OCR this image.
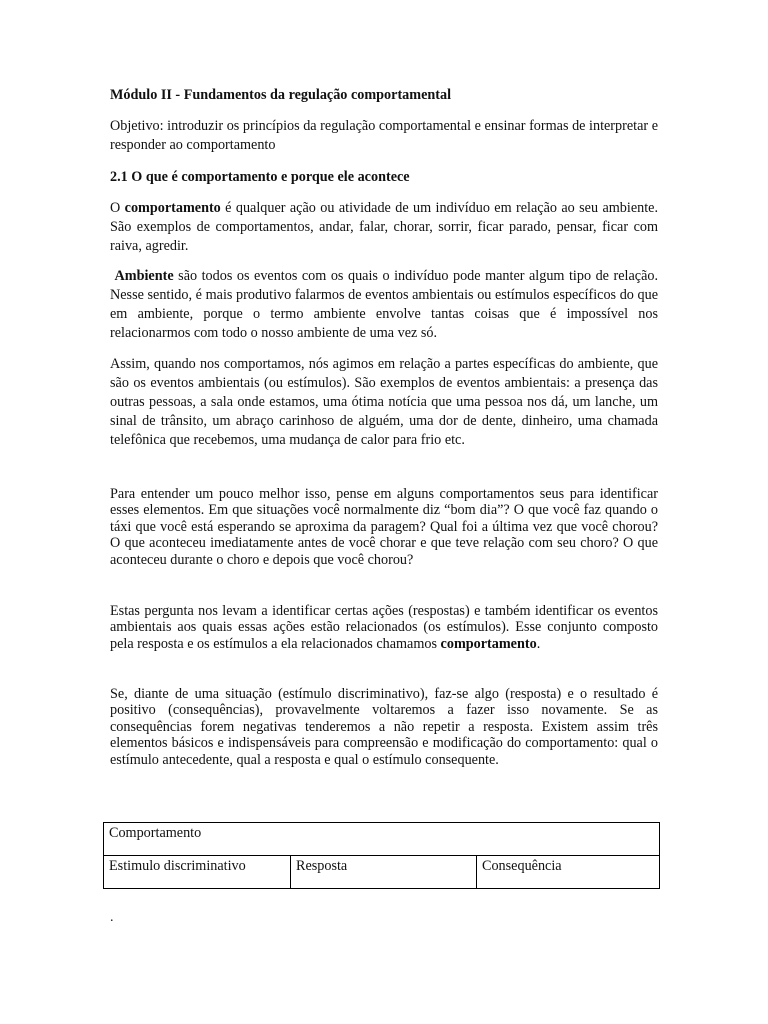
Módulo II - Fundamentos da regulação comportamental

Objetivo: introduzir os princípios da regulação comportamental e ensinar formas de interpretar e responder ao comportamento

2.1 O que é comportamento e porque ele acontece

O comportamento é qualquer ação ou atividade de um indivíduo em relação ao seu ambiente. São exemplos de comportamentos, andar, falar, chorar, sorrir, ficar parado, pensar, ficar com raiva, agredir.

Ambiente são todos os eventos com os quais o indivíduo pode manter algum tipo de relação. Nesse sentido, é mais produtivo falarmos de eventos ambientais ou estímulos específicos do que em ambiente, porque o termo ambiente envolve tantas coisas que é impossível nos relacionarmos com todo o nosso ambiente de uma vez só.

Assim, quando nos comportamos, nós agimos em relação a partes específicas do ambiente, que são os eventos ambientais (ou estímulos). São exemplos de eventos ambientais: a presença das outras pessoas, a sala onde estamos, uma ótima notícia que uma pessoa nos dá, um lanche, um sinal de trânsito, um abraço carinhoso de alguém, uma dor de dente, dinheiro, uma chamada telefônica que recebemos, uma mudança de calor para frio etc.

Para entender um pouco melhor isso, pense em alguns comportamentos seus para identificar esses elementos. Em que situações você normalmente diz “bom dia”? O que você faz quando o táxi que você está esperando se aproxima da paragem? Qual foi a última vez que você chorou? O que aconteceu imediatamente antes de você chorar e que teve relação com seu choro? O que aconteceu durante o choro e depois que você chorou?

Estas pergunta nos levam a identificar certas ações (respostas) e também identificar os eventos ambientais aos quais essas ações estão relacionados (os estímulos). Esse conjunto composto pela resposta e os estímulos a ela relacionados chamamos comportamento.

Se, diante de uma situação (estímulo discriminativo), faz-se algo (resposta) e o resultado é positivo (consequências), provavelmente voltaremos a fazer isso novamente. Se as consequências forem negativas tenderemos a não repetir a resposta. Existem assim três elementos básicos e indispensáveis para compreensão e modificação do comportamento: qual o estímulo antecedente, qual a resposta e qual o estímulo consequente.

Comportamento
Estimulo discriminativo	Resposta	Consequência
.
